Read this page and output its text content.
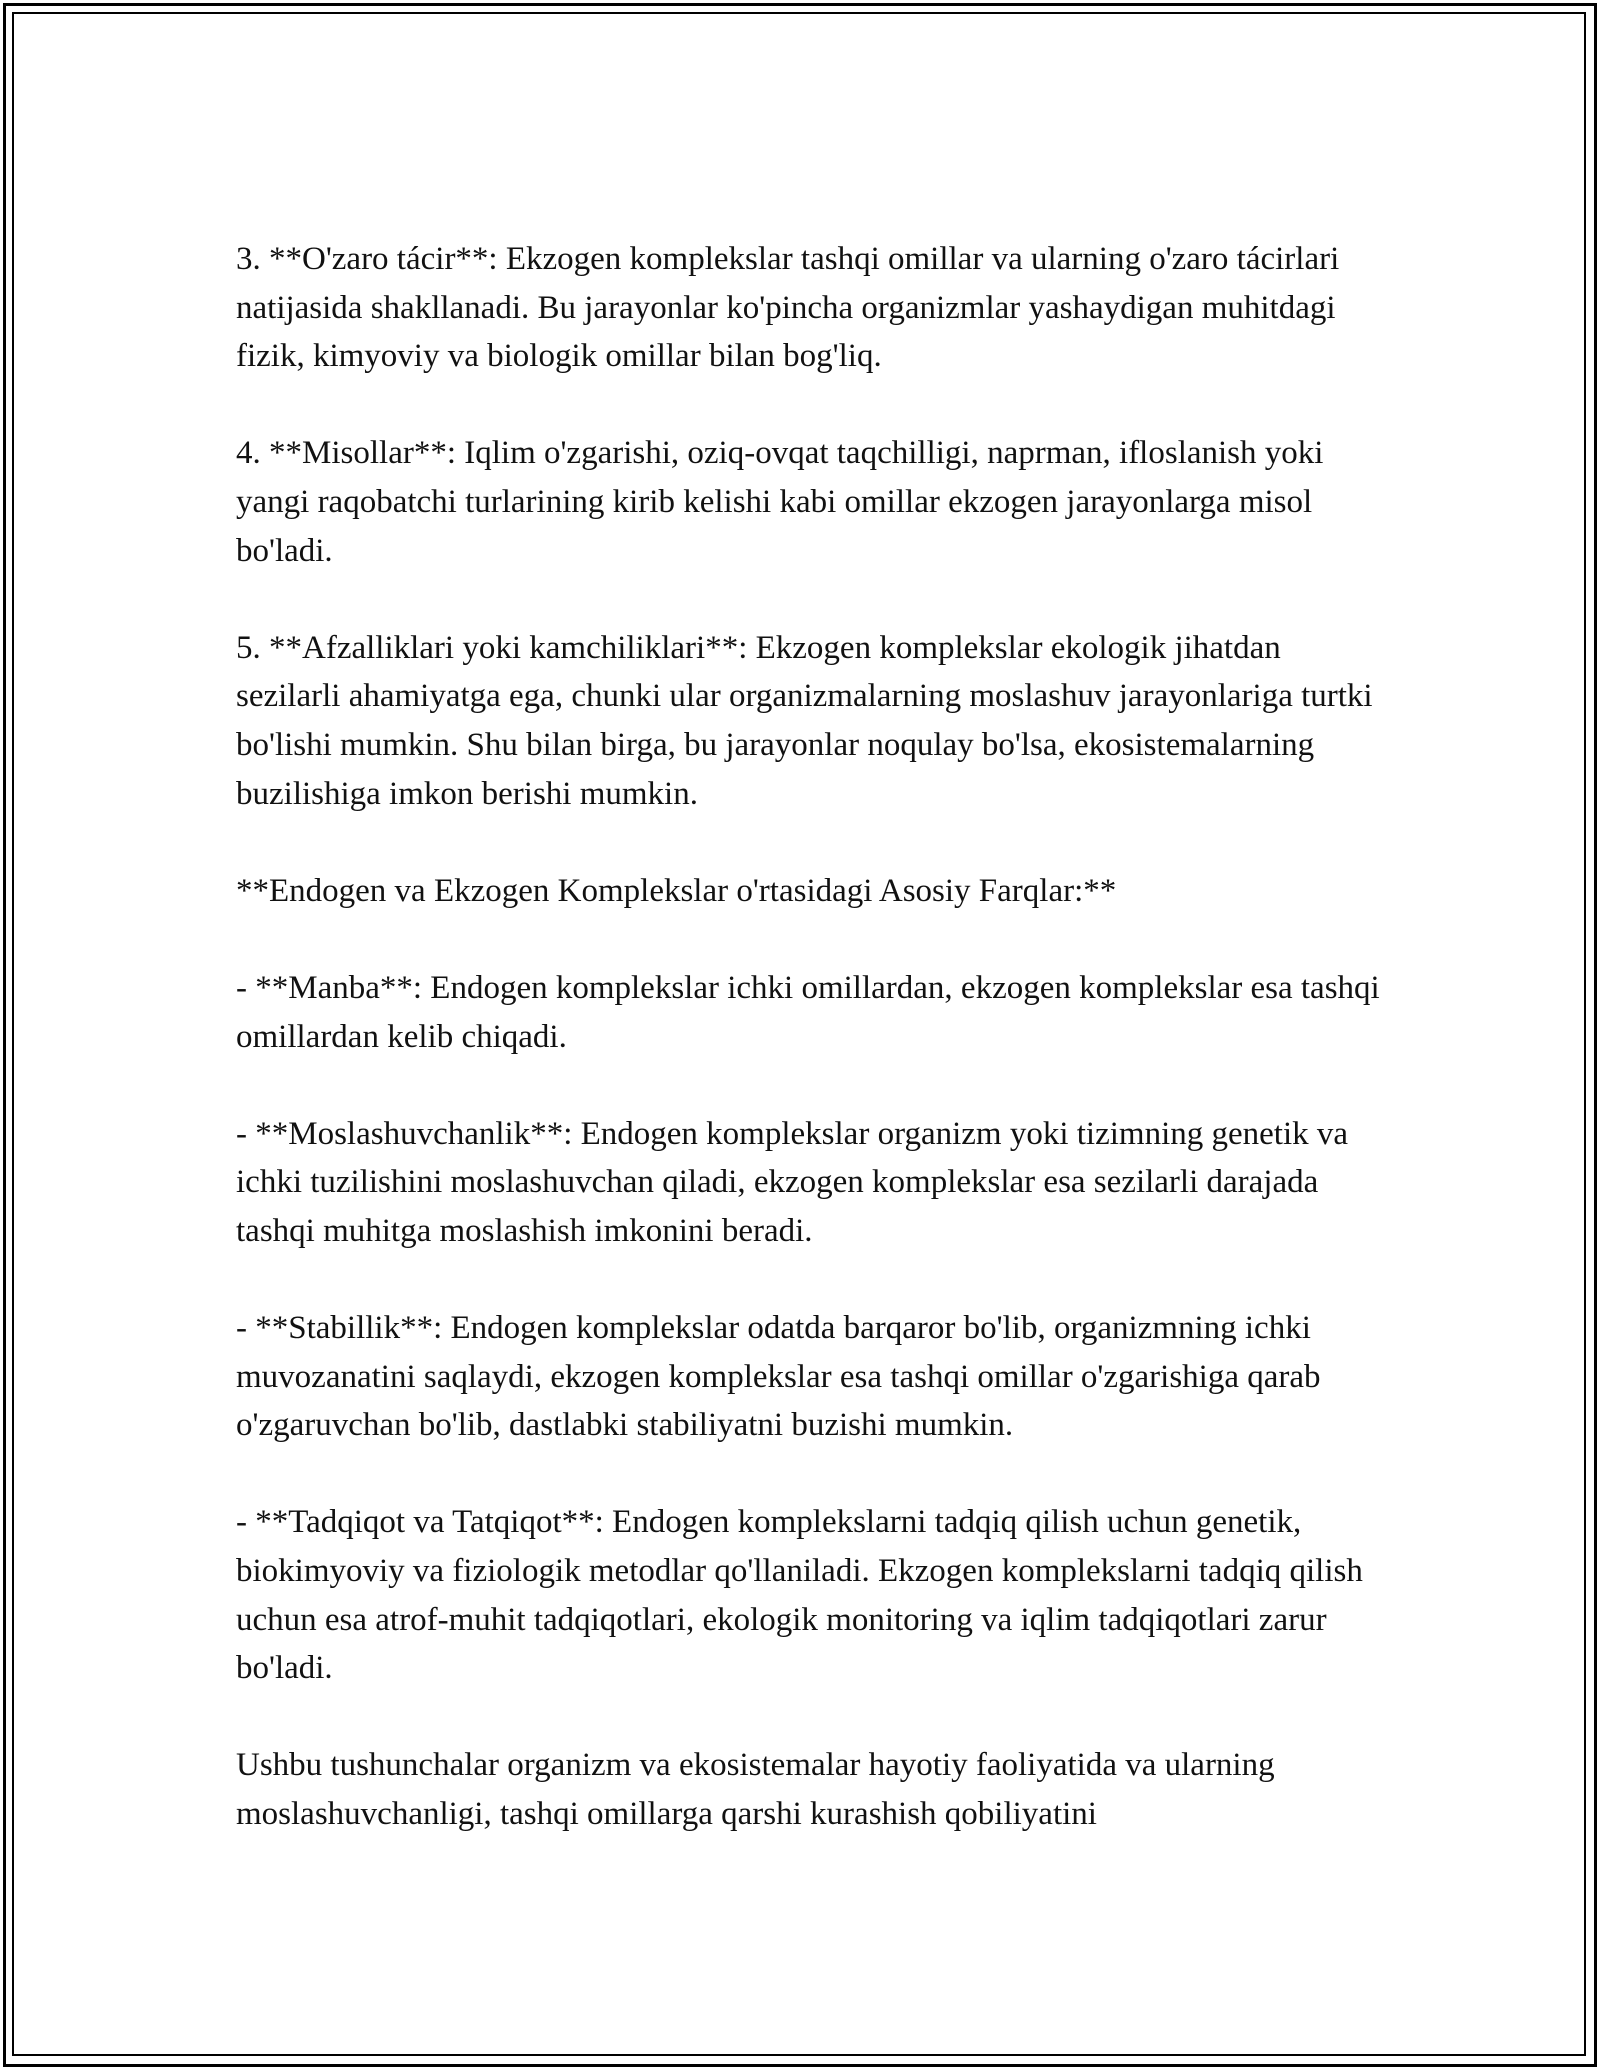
3. **O'zaro tácir**: Ekzogen komplekslar tashqi omillar va ularning o'zaro tácirlari natijasida shakllanadi. Bu jarayonlar ko'pincha organizmlar yashaydigan muhitdagi fizik, kimyoviy va biologik omillar bilan bog'liq.

4. **Misollar**: Iqlim o'zgarishi, oziq-ovqat taqchilligi, naprman, ifloslanish yoki yangi raqobatchi turlarining kirib kelishi kabi omillar ekzogen jarayonlarga misol bo'ladi.

5. **Afzalliklari yoki kamchiliklari**: Ekzogen komplekslar ekologik jihatdan sezilarli ahamiyatga ega, chunki ular organizmalarning moslashuv jarayonlariga turtki bo'lishi mumkin. Shu bilan birga, bu jarayonlar noqulay bo'lsa, ekosistemalarning buzilishiga imkon berishi mumkin.

**Endogen va Ekzogen Komplekslar o'rtasidagi Asosiy Farqlar:**

- **Manba**: Endogen komplekslar ichki omillardan, ekzogen komplekslar esa tashqi omillardan kelib chiqadi.

- **Moslashuvchanlik**: Endogen komplekslar organizm yoki tizimning genetik va ichki tuzilishini moslashuvchan qiladi, ekzogen komplekslar esa sezilarli darajada tashqi muhitga moslashish imkonini beradi.

- **Stabillik**: Endogen komplekslar odatda barqaror bo'lib, organizmning ichki muvozanatini saqlaydi, ekzogen komplekslar esa tashqi omillar o'zgarishiga qarab o'zgaruvchan bo'lib, dastlabki stabiliyatni buzishi mumkin.

- **Tadqiqot va Tatqiqot**: Endogen komplekslarni tadqiq qilish uchun genetik, biokimyoviy va fiziologik metodlar qo'llaniladi. Ekzogen komplekslarni tadqiq qilish uchun esa atrof-muhit tadqiqotlari, ekologik monitoring va iqlim tadqiqotlari zarur bo'ladi.

Ushbu tushunchalar organizm va ekosistemalar hayotiy faoliyatida va ularning moslashuvchanligi, tashqi omillarga qarshi kurashish qobiliyatini
